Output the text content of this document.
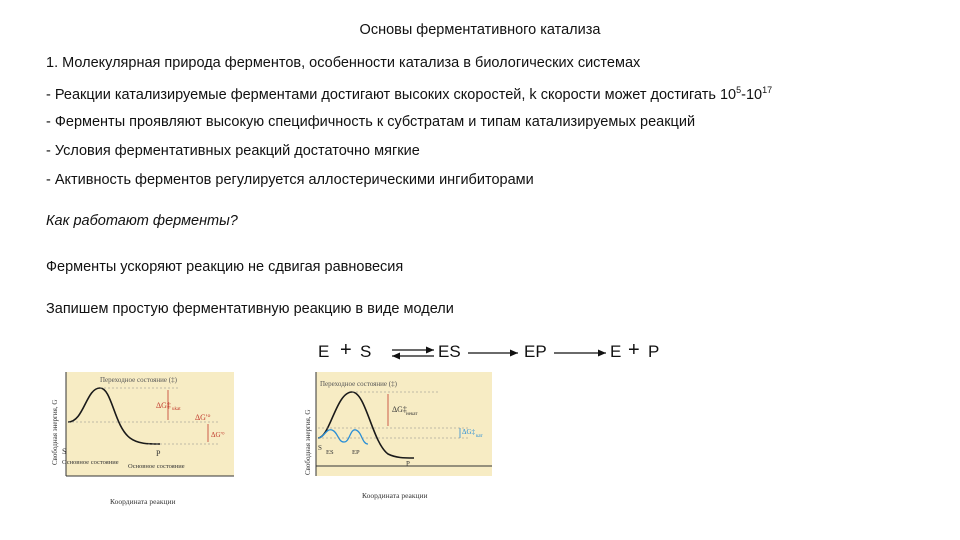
Основы ферментативного катализа
1. Молекулярная природа ферментов, особенности катализа в биологических системах
- Реакции катализируемые ферментами достигают высоких скоростей, k скорости может достигать $10^5-10^{17}$
- Ферменты проявляют высокую специфичность к субстратам и типам катализируемых реакций
- Условия ферментативных реакций достаточно мягкие
- Активность ферментов регулируется аллостерическими ингибиторами
Как работают ферменты?
Ферменты ускоряют реакцию не сдвигая равновесия
Запишем простую ферментативную реакцию в виде модели
E + S	ES	EP	E + P
Свободная энергия, G
Переходное состояние (‡)
ΔG‡ ukat
ΔG'°
ΔG'°
S	P
Основное состояние
Основное состояние
Координата реакции
Свободная энергия, G
Переходное состояние (‡)
ΔG‡
некат
ΔG‡
кат
ES	EP
S
P
Координата реакции
